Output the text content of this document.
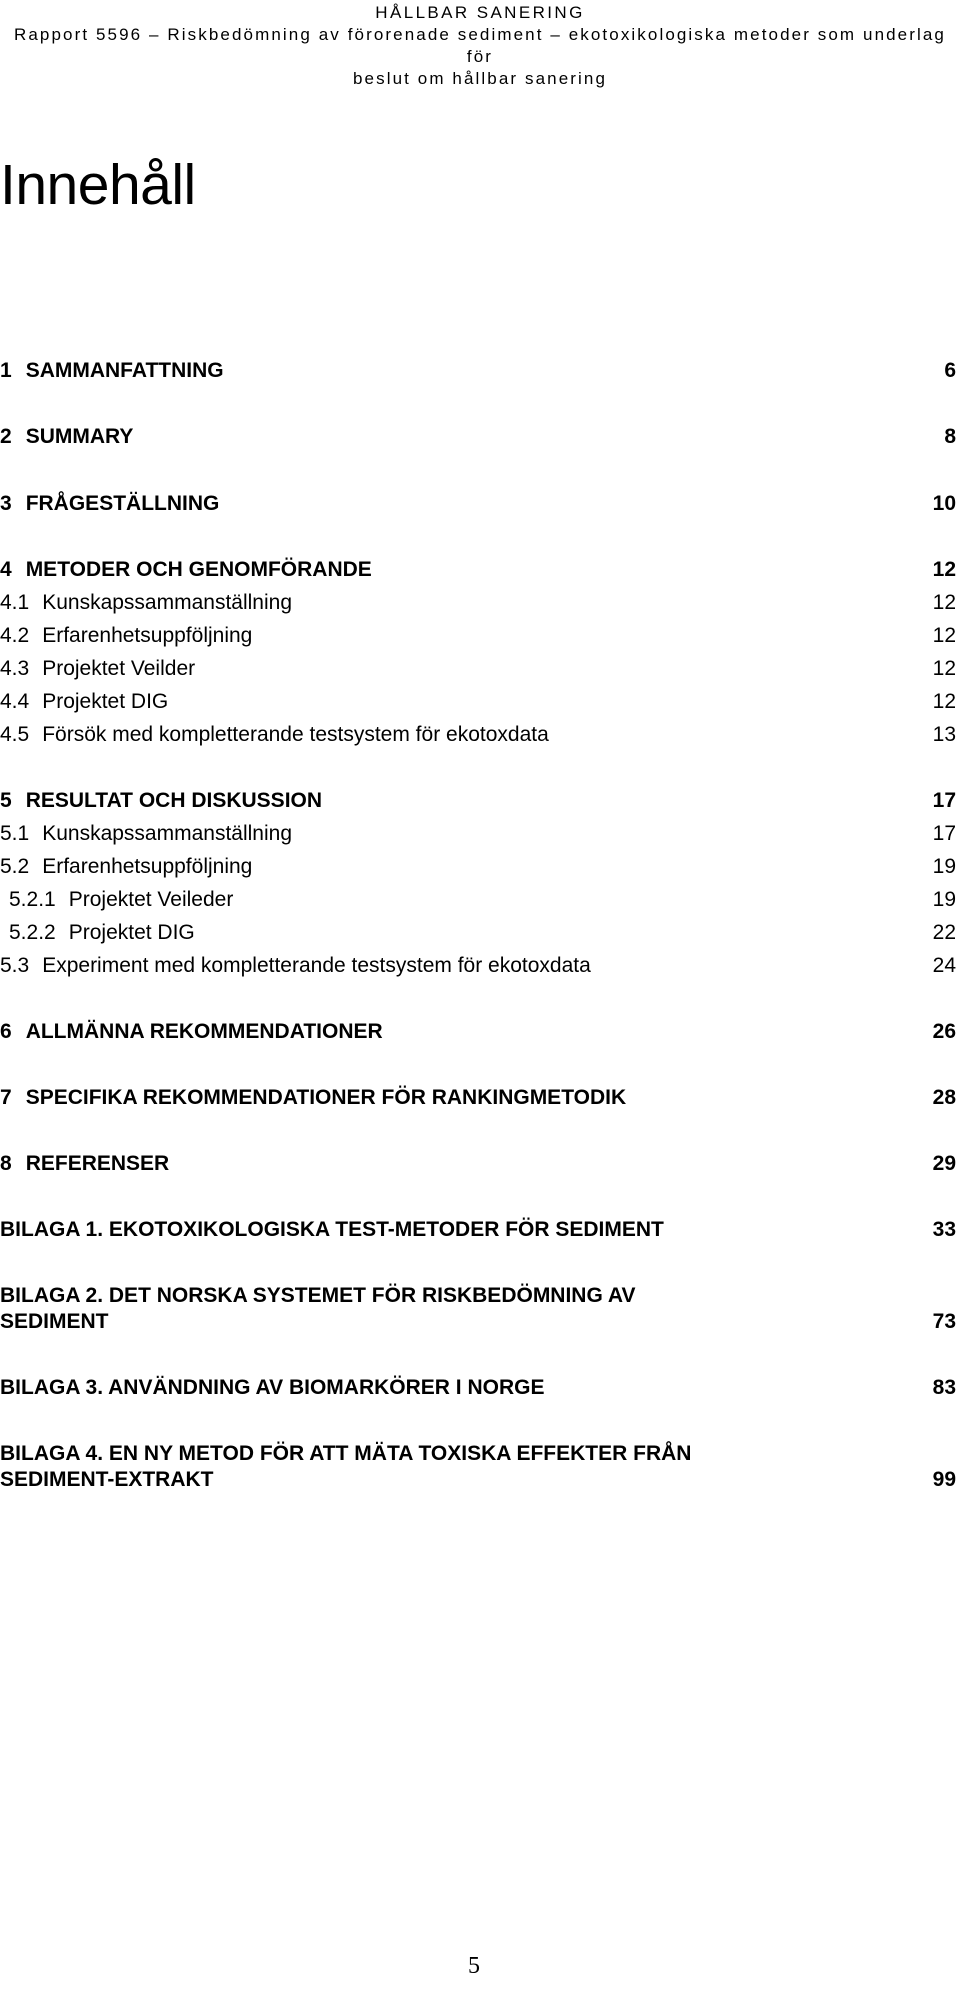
HÅLLBAR SANERING
Rapport 5596 – Riskbedömning av förorenade sediment – ekotoxikologiska metoder som underlag för
beslut om hållbar sanering
Innehåll
1 SAMMANFATTNING	6
2 SUMMARY	8
3 FRÅGESTÄLLNING	10
4 METODER OCH GENOMFÖRANDE	12
4.1 Kunskapssammanställning	12
4.2 Erfarenhetsuppföljning	12
4.3 Projektet Veilder	12
4.4 Projektet DIG	12
4.5 Försök med kompletterande testsystem för ekotoxdata	13
5 RESULTAT OCH DISKUSSION	17
5.1 Kunskapssammanställning	17
5.2 Erfarenhetsuppföljning	19
5.2.1 Projektet Veileder	19
5.2.2 Projektet DIG	22
5.3 Experiment med kompletterande testsystem för ekotoxdata	24
6 ALLMÄNNA REKOMMENDATIONER	26
7 SPECIFIKA REKOMMENDATIONER FÖR RANKINGMETODIK	28
8 REFERENSER	29
BILAGA 1. EKOTOXIKOLOGISKA TEST-METODER FÖR SEDIMENT	33
BILAGA 2. DET NORSKA SYSTEMET FÖR RISKBEDÖMNING AV
SEDIMENT	73
BILAGA 3. ANVÄNDNING AV BIOMARKÖRER I NORGE	83
BILAGA 4. EN NY METOD FÖR ATT MÄTA TOXISKA EFFEKTER FRÅN
SEDIMENT-EXTRAKT	99
5
